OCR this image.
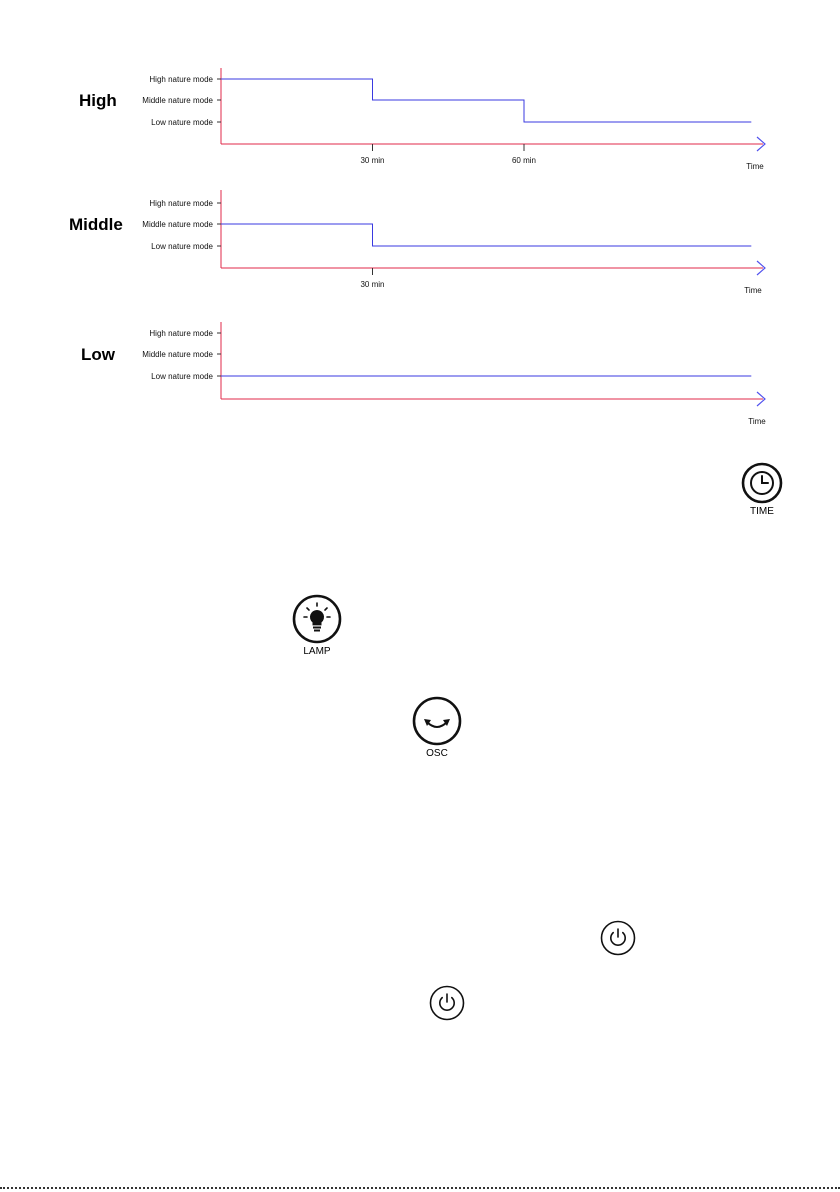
High
Middle
Low
High nature mode
Middle nature mode
Low nature mode
30 min	60 min
Time
High nature mode
Middle nature mode
Low nature mode
30 min
Time
High nature mode
Middle nature mode
Low nature mode
Time
TIME
LAMP
OSC
